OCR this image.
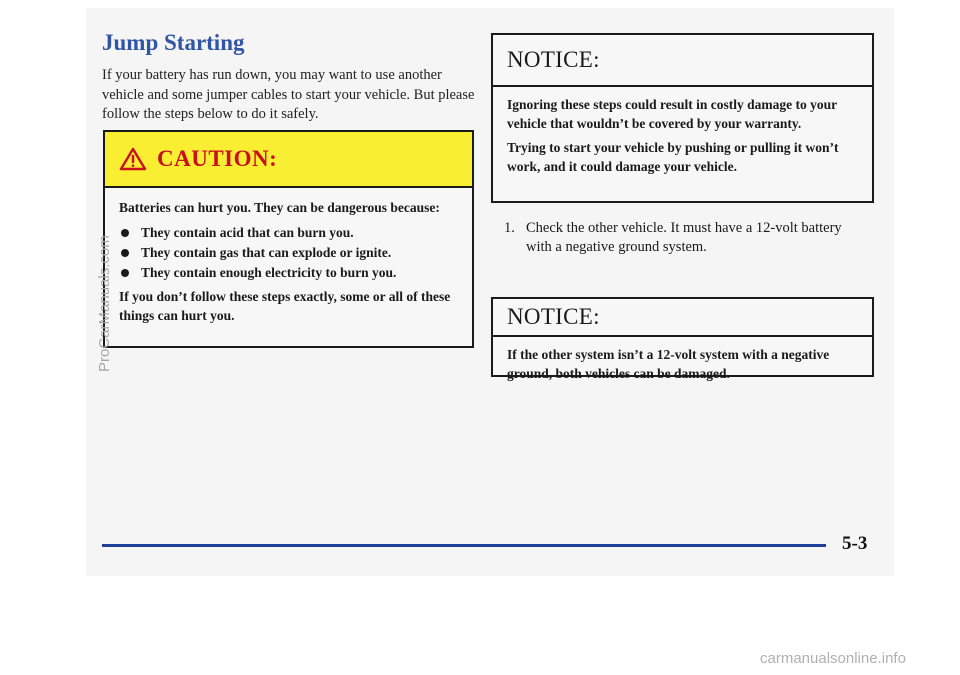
Jump Starting

If your battery has run down, you may want to use another vehicle and some jumper cables to start your vehicle. But please follow the steps below to do it safely.

CAUTION:

Batteries can hurt you. They can be dangerous because:

They contain acid that can burn you.
They contain gas that can explode or ignite.
They contain enough electricity to burn you.

If you don’t follow these steps exactly, some or all of these things can hurt you.

NOTICE:

Ignoring these steps could result in costly damage to your vehicle that wouldn’t be covered by your warranty.

Trying to start your vehicle by pushing or pulling it won’t work, and it could damage your vehicle.

1. Check the other vehicle. It must have a 12-volt battery with a negative ground system.
NOTICE:

If the other system isn’t a 12-volt system with a negative ground, both vehicles can be damaged.

5-3
ProCarManuals.com
carmanualsonline.info
